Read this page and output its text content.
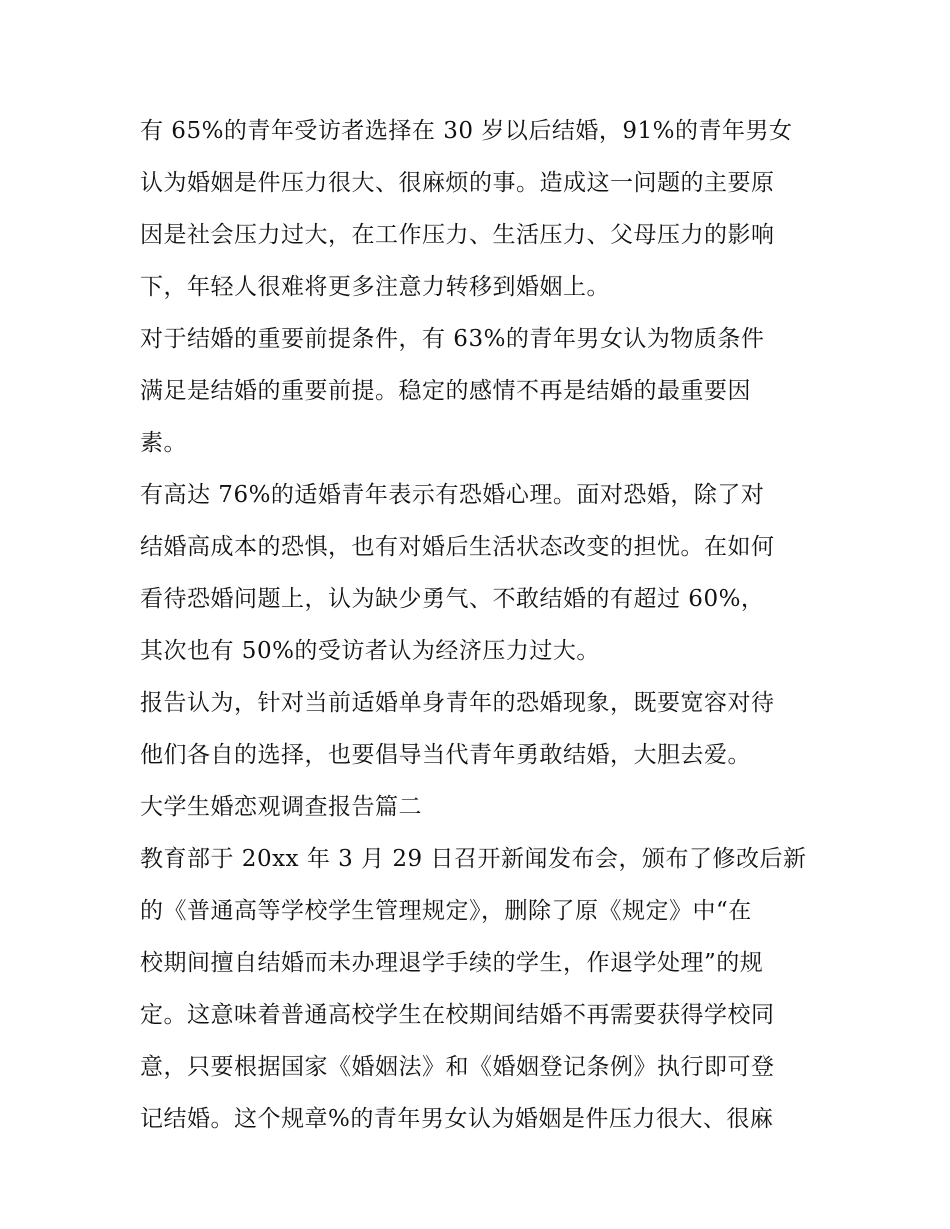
有 65%的青年受访者选择在 30 岁以后结婚，91%的青年男女
认为婚姻是件压力很大、很麻烦的事。造成这一问题的主要原
因是社会压力过大，在工作压力、生活压力、父母压力的影响
下，年轻人很难将更多注意力转移到婚姻上。
对于结婚的重要前提条件，有 63%的青年男女认为物质条件
满足是结婚的重要前提。稳定的感情不再是结婚的最重要因
素。
有高达 76%的适婚青年表示有恐婚心理。面对恐婚，除了对
结婚高成本的恐惧，也有对婚后生活状态改变的担忧。在如何
看待恐婚问题上，认为缺少勇气、不敢结婚的有超过 60%，
其次也有 50%的受访者认为经济压力过大。
报告认为，针对当前适婚单身青年的恐婚现象，既要宽容对待
他们各自的选择，也要倡导当代青年勇敢结婚，大胆去爱。
大学生婚恋观调查报告篇二
教育部于 20xx 年 3 月 29 日召开新闻发布会，颁布了修改后新
的《普通高等学校学生管理规定》，删除了原《规定》中“在
校期间擅自结婚而未办理退学手续的学生，作退学处理”的规
定。这意味着普通高校学生在校期间结婚不再需要获得学校同
意，只要根据国家《婚姻法》和《婚姻登记条例》执行即可登
记结婚。这个规章%的青年男女认为婚姻是件压力很大、很麻
